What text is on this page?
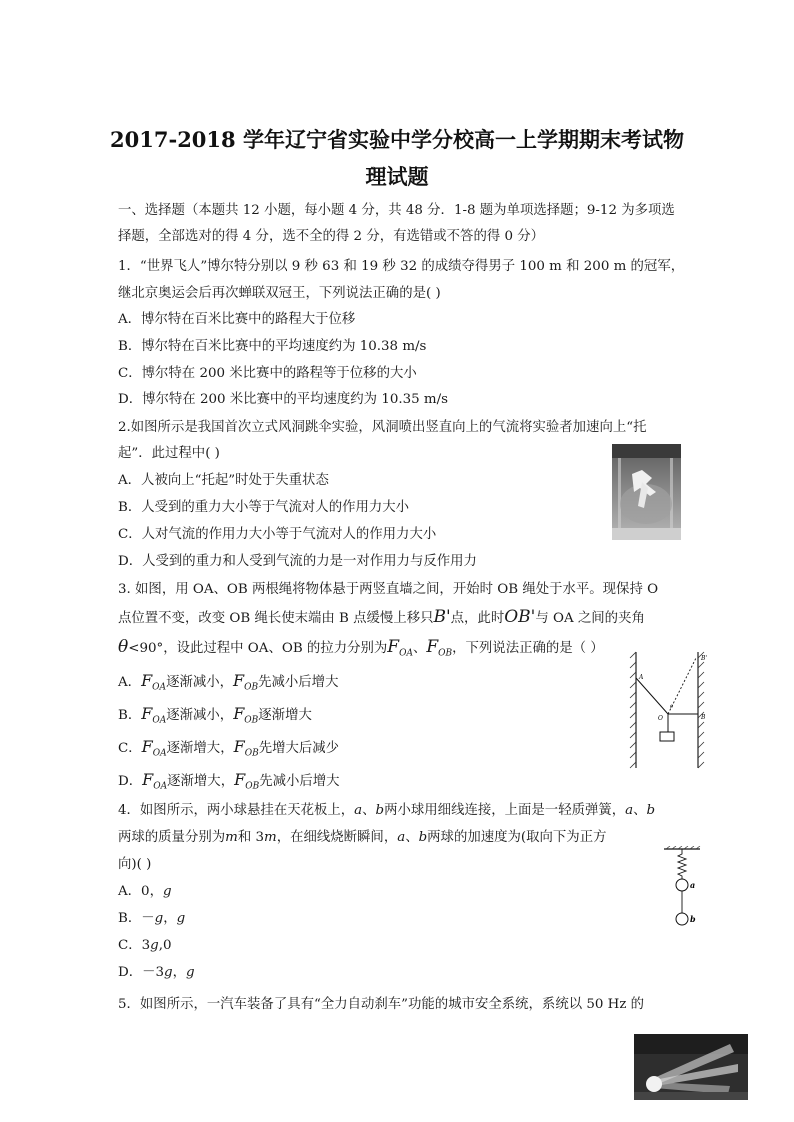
2017-2018 学年辽宁省实验中学分校高一上学期期末考试物
理试题
一、选择题（本题共 12 小题，每小题 4 分，共 48 分．1-8 题为单项选择题；9-12 为多项选
择题，全部选对的得 4 分，选不全的得 2 分，有选错或不答的得 0 分）
1．“世界飞人”博尔特分别以 9 秒 63 和 19 秒 32 的成绩夺得男子 100 m 和 200 m 的冠军，
继北京奥运会后再次蝉联双冠王，下列说法正确的是( )
A．博尔特在百米比赛中的路程大于位移
B．博尔特在百米比赛中的平均速度约为 10.38 m/s
C．博尔特在 200 米比赛中的路程等于位移的大小
D．博尔特在 200 米比赛中的平均速度约为 10.35 m/s
2.如图所示是我国首次立式风洞跳伞实验，风洞喷出竖直向上的气流将实验者加速向上“托
起”．此过程中( )
A．人被向上“托起”时处于失重状态
B．人受到的重力大小等于气流对人的作用力大小
C．人对气流的作用力大小等于气流对人的作用力大小
D．人受到的重力和人受到气流的力是一对作用力与反作用力
3. 如图，用 OA、OB 两根绳将物体悬于两竖直墙之间，开始时 OB 绳处于水平。现保持 O
点位置不变，改变 OB 绳长使末端由 B 点缓慢上移只B'点，此时OB'与 OA 之间的夹角
θ<90°，设此过程中 OA、OB 的拉力分别为$F_{OA}$、$F_{OB}$，下列说法正确的是（ ）
A．$F_{OA}$逐渐减小，$F_{OB}$先减小后增大
B．$F_{OA}$逐渐减小，$F_{OB}$逐渐增大
C．$F_{OA}$逐渐增大，$F_{OB}$先增大后减少
D．$F_{OA}$逐渐增大，$F_{OB}$先减小后增大
A
B'
B
O
θ
4．如图所示，两小球悬挂在天花板上，a、b两小球用细线连接，上面是一轻质弹簧，a、b
两球的质量分别为m和 3m，在细线烧断瞬间，a、b两球的加速度为(取向下为正方
向)( )
A．0，g
B．－g，g
C．3g,0
D．－3g，g
a
b
5．如图所示，一汽车装备了具有“全力自动刹车”功能的城市安全系统，系统以 50 Hz 的
